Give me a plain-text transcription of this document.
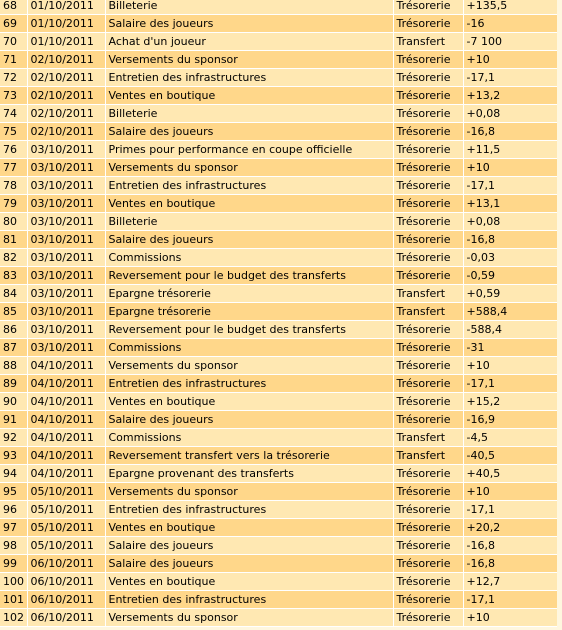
68	01/10/2011	Billeterie	Trésorerie	+135,5
69	01/10/2011	Salaire des joueurs	Trésorerie	-16
70	01/10/2011	Achat d'un joueur	Transfert	-7 100
71	02/10/2011	Versements du sponsor	Trésorerie	+10
72	02/10/2011	Entretien des infrastructures	Trésorerie	-17,1
73	02/10/2011	Ventes en boutique	Trésorerie	+13,2
74	02/10/2011	Billeterie	Trésorerie	+0,08
75	02/10/2011	Salaire des joueurs	Trésorerie	-16,8
76	03/10/2011	Primes pour performance en coupe officielle	Trésorerie	+11,5
77	03/10/2011	Versements du sponsor	Trésorerie	+10
78	03/10/2011	Entretien des infrastructures	Trésorerie	-17,1
79	03/10/2011	Ventes en boutique	Trésorerie	+13,1
80	03/10/2011	Billeterie	Trésorerie	+0,08
81	03/10/2011	Salaire des joueurs	Trésorerie	-16,8
82	03/10/2011	Commissions	Trésorerie	-0,03
83	03/10/2011	Reversement pour le budget des transferts	Trésorerie	-0,59
84	03/10/2011	Epargne trésorerie	Transfert	+0,59
85	03/10/2011	Epargne trésorerie	Transfert	+588,4
86	03/10/2011	Reversement pour le budget des transferts	Trésorerie	-588,4
87	03/10/2011	Commissions	Trésorerie	-31
88	04/10/2011	Versements du sponsor	Trésorerie	+10
89	04/10/2011	Entretien des infrastructures	Trésorerie	-17,1
90	04/10/2011	Ventes en boutique	Trésorerie	+15,2
91	04/10/2011	Salaire des joueurs	Trésorerie	-16,9
92	04/10/2011	Commissions	Transfert	-4,5
93	04/10/2011	Reversement transfert vers la trésorerie	Transfert	-40,5
94	04/10/2011	Epargne provenant des transferts	Trésorerie	+40,5
95	05/10/2011	Versements du sponsor	Trésorerie	+10
96	05/10/2011	Entretien des infrastructures	Trésorerie	-17,1
97	05/10/2011	Ventes en boutique	Trésorerie	+20,2
98	05/10/2011	Salaire des joueurs	Trésorerie	-16,8
99	06/10/2011	Salaire des joueurs	Trésorerie	-16,8
100	06/10/2011	Ventes en boutique	Trésorerie	+12,7
101	06/10/2011	Entretien des infrastructures	Trésorerie	-17,1
102	06/10/2011	Versements du sponsor	Trésorerie	+10
